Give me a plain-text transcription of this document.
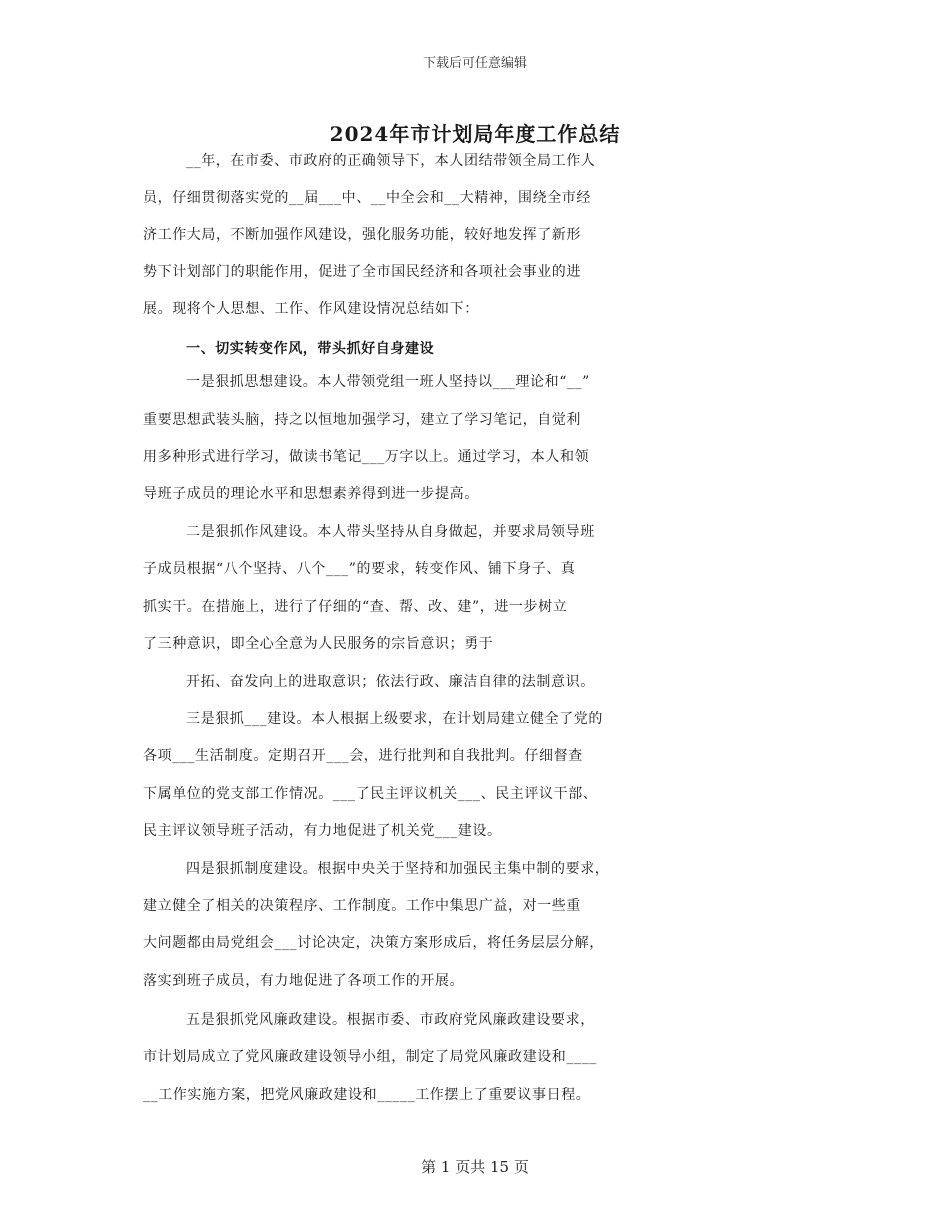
下载后可任意编辑
2024年市计划局年度工作总结
__年，在市委、市政府的正确领导下，本人团结带领全局工作人
员，仔细贯彻落实党的__届___中、__中全会和__大精神，围绕全市经
济工作大局，不断加强作风建设，强化服务功能，较好地发挥了新形
势下计划部门的职能作用，促进了全市国民经济和各项社会事业的进
展。现将个人思想、工作、作风建设情况总结如下：
一、切实转变作风，带头抓好自身建设
一是狠抓思想建设。本人带领党组一班人坚持以___理论和“__”
重要思想武装头脑，持之以恒地加强学习，建立了学习笔记，自觉利
用多种形式进行学习，做读书笔记___万字以上。通过学习，本人和领
导班子成员的理论水平和思想素养得到进一步提高。
二是狠抓作风建设。本人带头坚持从自身做起，并要求局领导班
子成员根据“八个坚持、八个___”的要求，转变作风、铺下身子、真
抓实干。在措施上，进行了仔细的“查、帮、改、建”，进一步树立
了三种意识，即全心全意为人民服务的宗旨意识；勇于
开拓、奋发向上的进取意识；依法行政、廉洁自律的法制意识。
三是狠抓___建设。本人根据上级要求，在计划局建立健全了党的
各项___生活制度。定期召开___会，进行批判和自我批判。仔细督查
下属单位的党支部工作情况。___了民主评议机关___、民主评议干部、
民主评议领导班子活动，有力地促进了机关党___建设。
四是狠抓制度建设。根据中央关于坚持和加强民主集中制的要求，
建立健全了相关的决策程序、工作制度。工作中集思广益，对一些重
大问题都由局党组会___讨论决定，决策方案形成后，将任务层层分解，
落实到班子成员，有力地促进了各项工作的开展。
五是狠抓党风廉政建设。根据市委、市政府党风廉政建设要求，
市计划局成立了党风廉政建设领导小组，制定了局党风廉政建设和____
__工作实施方案，把党风廉政建设和_____工作摆上了重要议事日程。
第 1 页共 15 页
